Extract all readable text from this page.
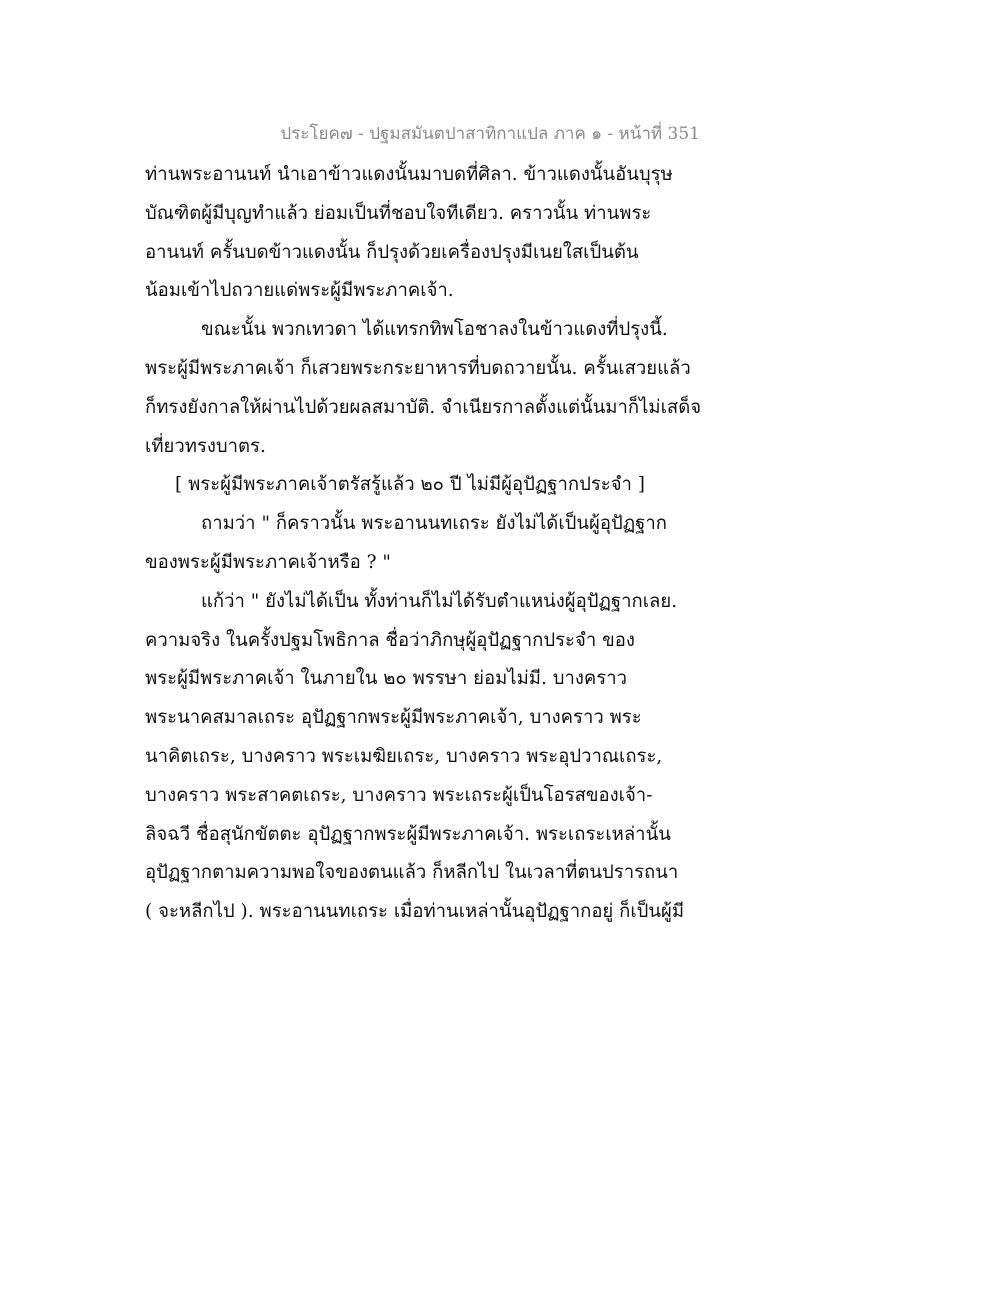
ประโยค๗ - ปฐมสมันตปาสาทิกาแปล ภาค ๑ - หน้าที่ 351
ท่านพระอานนท์ นำเอาข้าวแดงนั้นมาบดที่ศิลา. ข้าวแดงนั้นอันบุรุษ
บัณฑิตผู้มีบุญทำแล้ว ย่อมเป็นที่ชอบใจทีเดียว. คราวนั้น ท่านพระ
อานนท์ ครั้นบดข้าวแดงนั้น ก็ปรุงด้วยเครื่องปรุงมีเนยใสเป็นต้น
น้อมเข้าไปถวายแด่พระผู้มีพระภาคเจ้า.
ขณะนั้น พวกเทวดา ได้แทรกทิพโอชาลงในข้าวแดงที่ปรุงนี้.
พระผู้มีพระภาคเจ้า ก็เสวยพระกระยาหารที่บดถวายนั้น. ครั้นเสวยแล้ว
ก็ทรงยังกาลให้ผ่านไปด้วยผลสมาบัติ. จำเนียรกาลตั้งแต่นั้นมาก็ไม่เสด็จ
เที่ยวทรงบาตร.
[ พระผู้มีพระภาคเจ้าตรัสรู้แล้ว ๒๐ ปี ไม่มีผู้อุปัฏฐากประจำ ]
ถามว่า " ก็คราวนั้น พระอานนทเถระ ยังไม่ได้เป็นผู้อุปัฏฐาก
ของพระผู้มีพระภาคเจ้าหรือ ? "
แก้ว่า " ยังไม่ได้เป็น ทั้งท่านก็ไม่ได้รับตำแหน่งผู้อุปัฏฐากเลย.
ความจริง ในครั้งปฐมโพธิกาล ชื่อว่าภิกษุผู้อุปัฏฐากประจำ ของ
พระผู้มีพระภาคเจ้า ในภายใน ๒๐ พรรษา ย่อมไม่มี. บางคราว
พระนาคสมาลเถระ อุปัฏฐากพระผู้มีพระภาคเจ้า, บางคราว พระ
นาคิตเถระ, บางคราว พระเมฆิยเถระ, บางคราว พระอุปวาณเถระ,
บางคราว พระสาคตเถระ, บางคราว พระเถระผู้เป็นโอรสของเจ้า-
ลิจฉวี ชื่อสุนักขัตตะ อุปัฏฐากพระผู้มีพระภาคเจ้า. พระเถระเหล่านั้น
อุปัฏฐากตามความพอใจของตนแล้ว ก็หลีกไป ในเวลาที่ตนปรารถนา
( จะหลีกไป ). พระอานนทเถระ เมื่อท่านเหล่านั้นอุปัฏฐากอยู่ ก็เป็นผู้มี
